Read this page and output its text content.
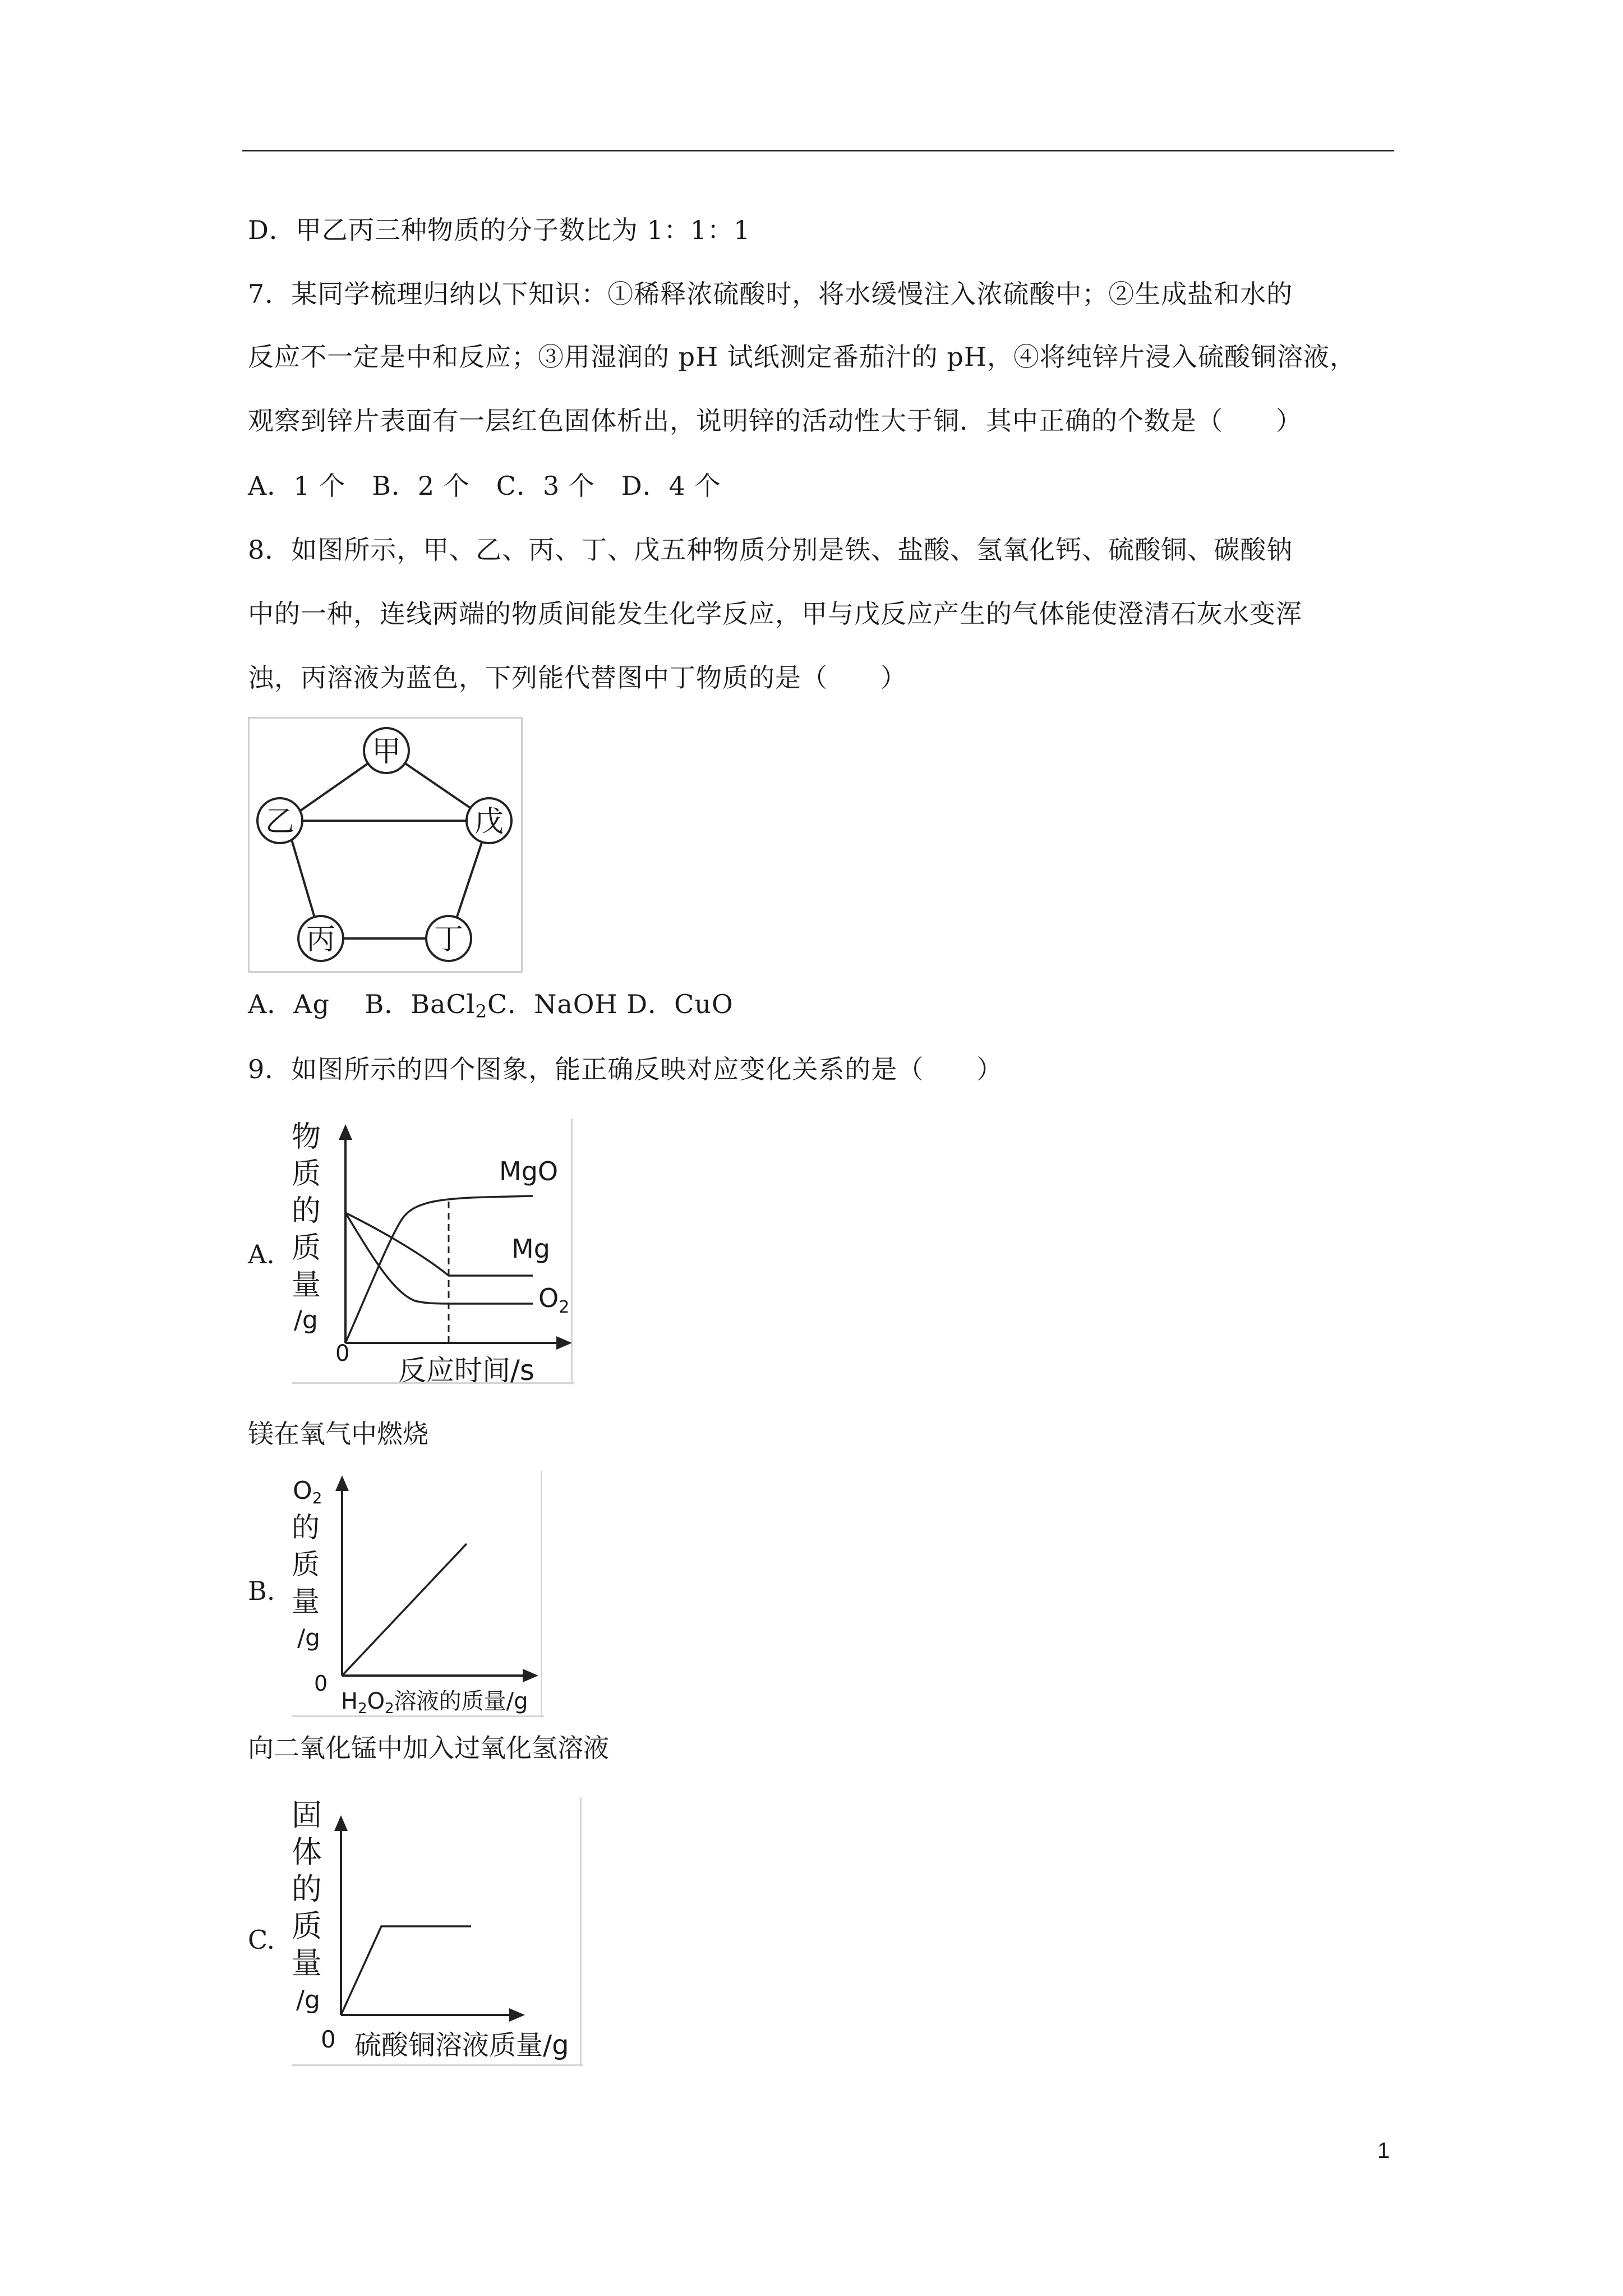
D．甲乙丙三种物质的分子数比为 1：1：1
7．某同学梳理归纳以下知识：①稀释浓硫酸时，将水缓慢注入浓硫酸中；②生成盐和水的
反应不一定是中和反应；③用湿润的 pH 试纸测定番茄汁的 pH，④将纯锌片浸入硫酸铜溶液，
观察到锌片表面有一层红色固体析出，说明锌的活动性大于铜．其中正确的个数是（　　）
A．1 个　B．2 个　C．3 个　D．4 个
8．如图所示，甲、乙、丙、丁、戊五种物质分别是铁、盐酸、氢氧化钙、硫酸铜、碳酸钠
中的一种，连线两端的物质间能发生化学反应，甲与戊反应产生的气体能使澄清石灰水变浑
浊，丙溶液为蓝色，下列能代替图中丁物质的是（　　）
甲
乙	戊
丙	丁
A．Ag　 B．BaCl$_2$C．NaOH D．CuO
9．如图所示的四个图象，能正确反映对应变化关系的是（　　）
A.
物
质
的
质
量
/g
0
MgO
Mg
$O_2$
反应时间/s
镁在氧气中燃烧
B.
O2
的
质
量
/g
0
$H_2O_2$溶液的质量/g
向二氧化锰中加入过氧化氢溶液
C.
固
体
的
质
量
/g
0 硫酸铜溶液质量/g
1
